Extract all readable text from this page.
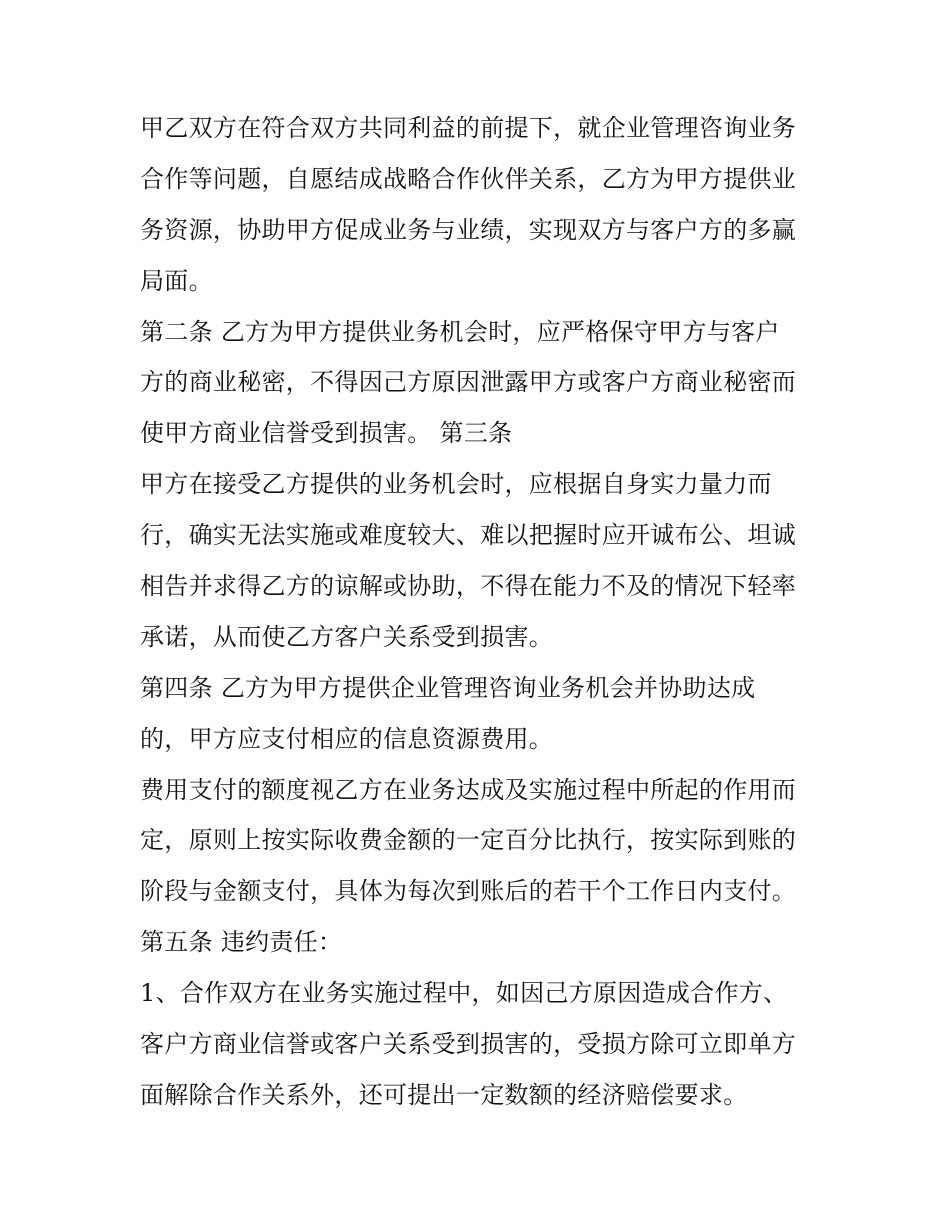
甲乙双方在符合双方共同利益的前提下，就企业管理咨询业务
合作等问题，自愿结成战略合作伙伴关系，乙方为甲方提供业
务资源，协助甲方促成业务与业绩，实现双方与客户方的多赢
局面。
第二条 乙方为甲方提供业务机会时，应严格保守甲方与客户
方的商业秘密，不得因己方原因泄露甲方或客户方商业秘密而
使甲方商业信誉受到损害。 第三条
甲方在接受乙方提供的业务机会时，应根据自身实力量力而
行，确实无法实施或难度较大、难以把握时应开诚布公、坦诚
相告并求得乙方的谅解或协助，不得在能力不及的情况下轻率
承诺，从而使乙方客户关系受到损害。
第四条 乙方为甲方提供企业管理咨询业务机会并协助达成
的，甲方应支付相应的信息资源费用。
费用支付的额度视乙方在业务达成及实施过程中所起的作用而
定，原则上按实际收费金额的一定百分比执行，按实际到账的
阶段与金额支付，具体为每次到账后的若干个工作日内支付。
第五条 违约责任：
1、合作双方在业务实施过程中，如因己方原因造成合作方、
客户方商业信誉或客户关系受到损害的，受损方除可立即单方
面解除合作关系外，还可提出一定数额的经济赔偿要求。
